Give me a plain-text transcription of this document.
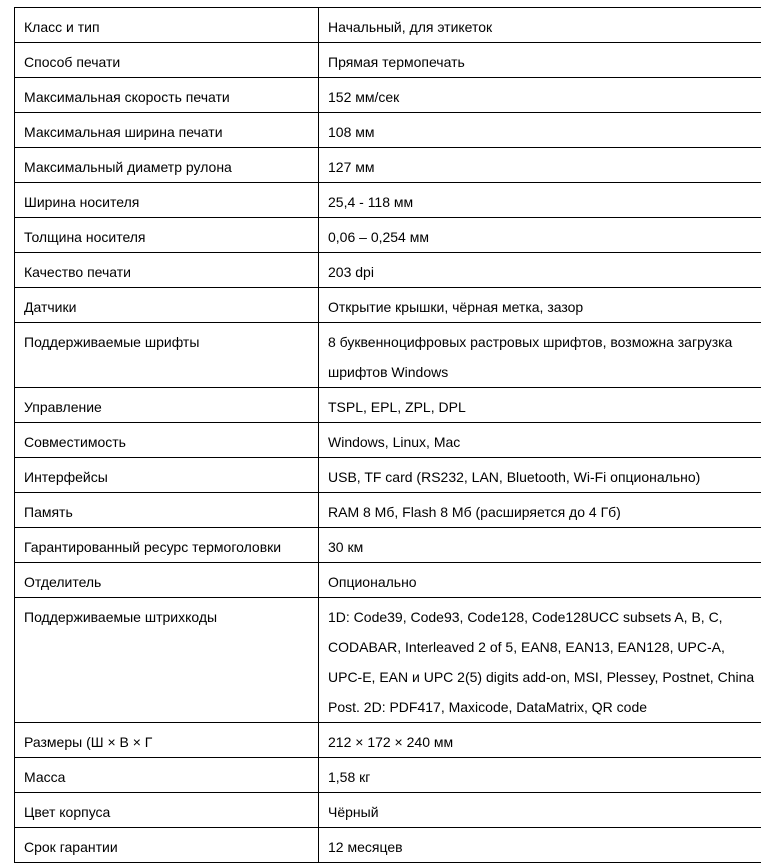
Класс и тип	Начальный, для этикеток
Способ печати	Прямая термопечать
Максимальная скорость печати	152 мм/сек
Максимальная ширина печати	108 мм
Максимальный диаметр рулона	127 мм
Ширина носителя	25,4 - 118 мм
Толщина носителя	0,06 – 0,254 мм
Качество печати	203 dpi
Датчики	Открытие крышки, чёрная метка, зазор
Поддерживаемые шрифты	8 буквенноцифровых растровых шрифтов, возможна загрузка шрифтов Windows
Управление	TSPL, EPL, ZPL, DPL
Совместимость	Windows, Linux, Mac
Интерфейсы	USB, TF card (RS232, LAN, Bluetooth, Wi-Fi опционально)
Память	RAM 8 Мб, Flash 8 Мб (расширяется до 4 Гб)
Гарантированный ресурс термоголовки	30 км
Отделитель	Опционально
Поддерживаемые штрихкоды	1D: Code39, Code93, Code128, Code128UCC subsets A, B, C, CODABAR, Interleaved 2 of 5, EAN8, EAN13, EAN128, UPC-A, UPC-E, EAN и UPC 2(5) digits add-on, MSI, Plessey, Postnet, China Post. 2D: PDF417, Maxicode, DataMatrix, QR code
Размеры (Ш × В × Г	212 × 172 × 240 мм
Масса	1,58 кг
Цвет корпуса	Чёрный
Срок гарантии	12 месяцев
